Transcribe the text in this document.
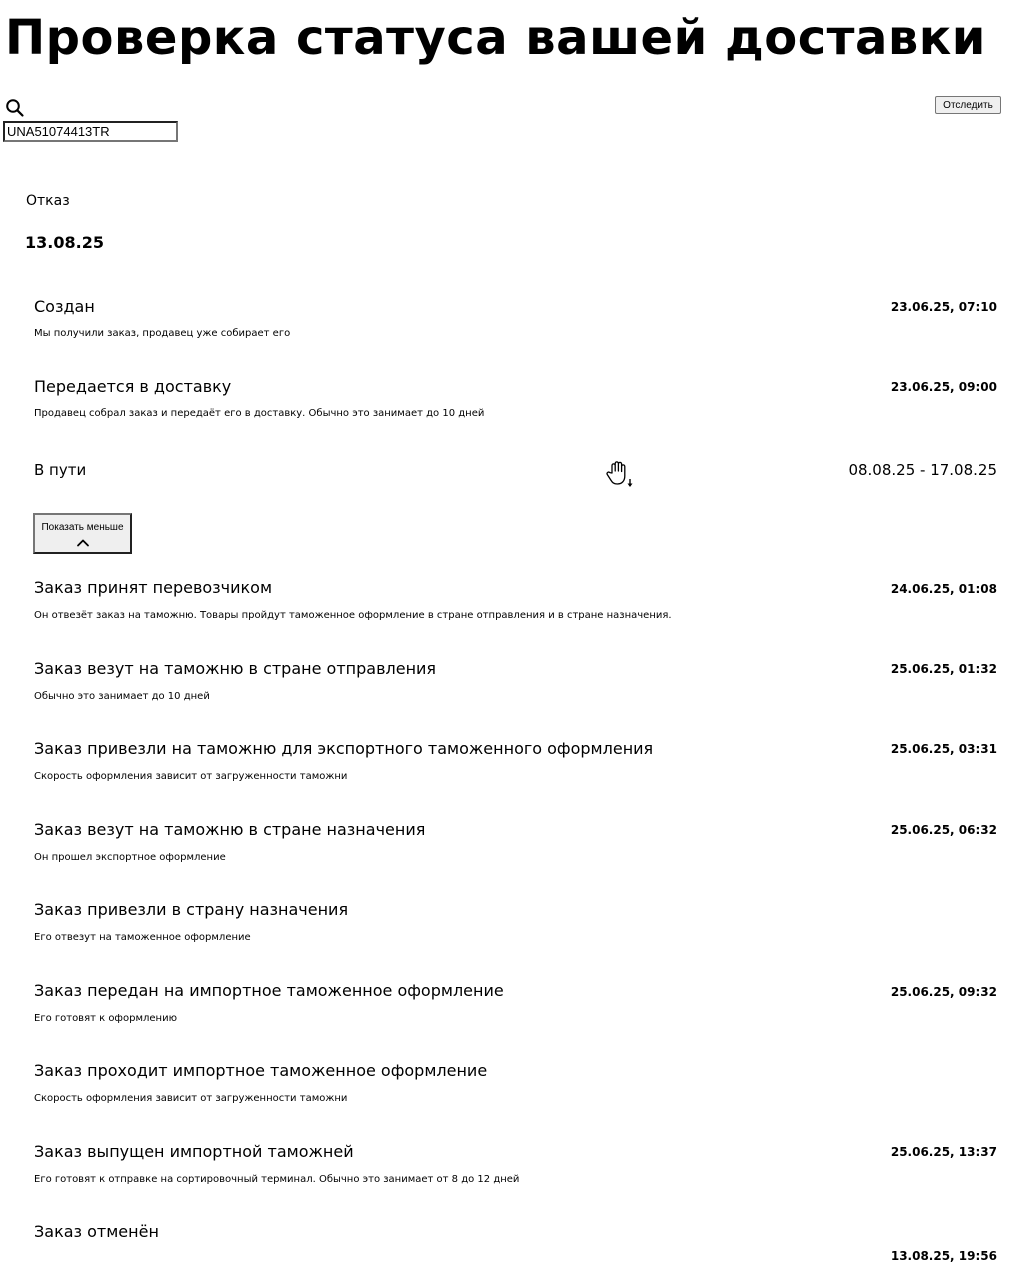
Проверка статуса вашей доставки
UNA51074413TR
Отследить
Отказ
13.08.25
Создан	23.06.25, 07:10
Мы получили заказ, продавец уже собирает его
Передается в доставку	23.06.25, 09:00
Продавец собрал заказ и передаёт его в доставку. Обычно это занимает до 10 дней
В пути	08.08.25 - 17.08.25
Показать меньше
Заказ принят перевозчиком	24.06.25, 01:08
Он отвезёт заказ на таможню. Товары пройдут таможенное оформление в стране отправления и в стране назначения.
Заказ везут на таможню в стране отправления	25.06.25, 01:32
Обычно это занимает до 10 дней
Заказ привезли на таможню для экспортного таможенного оформления	25.06.25, 03:31
Скорость оформления зависит от загруженности таможни
Заказ везут на таможню в стране назначения	25.06.25, 06:32
Он прошел экспортное оформление
Заказ привезли в страну назначения
Его отвезут на таможенное оформление
Заказ передан на импортное таможенное оформление	25.06.25, 09:32
Его готовят к оформлению
Заказ проходит импортное таможенное оформление
Скорость оформления зависит от загруженности таможни
Заказ выпущен импортной таможней	25.06.25, 13:37
Его готовят к отправке на сортировочный терминал. Обычно это занимает от 8 до 12 дней
Заказ отменён
13.08.25, 19:56
